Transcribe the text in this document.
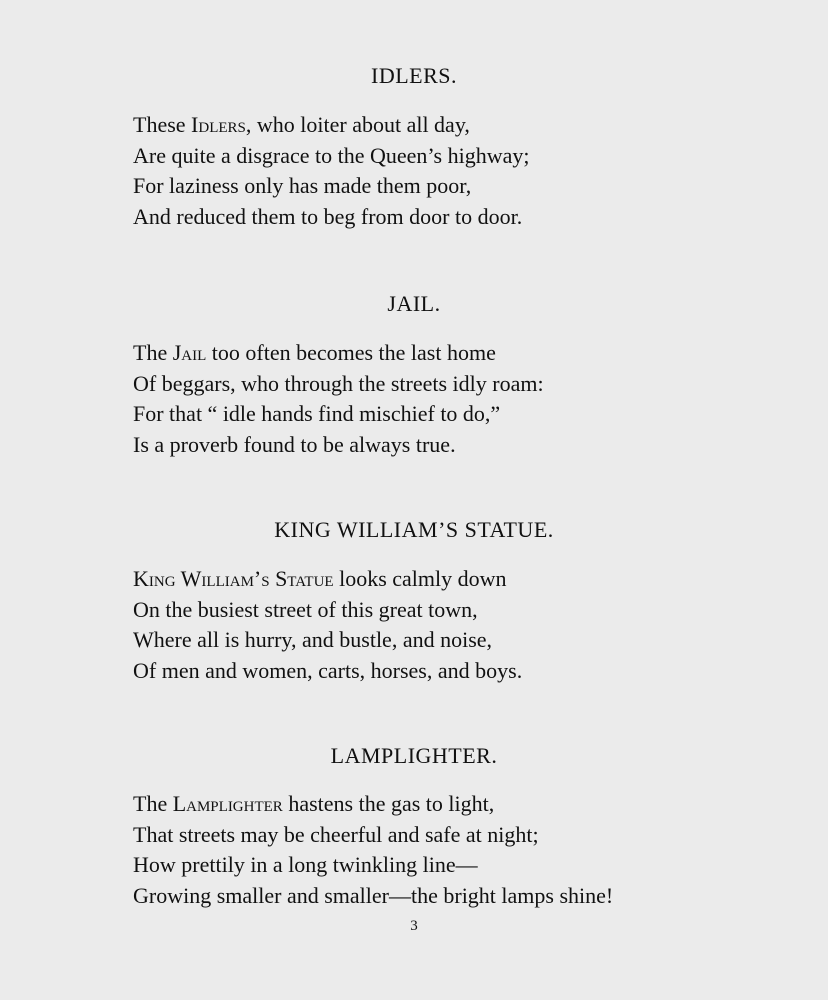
IDLERS.
These Idlers, who loiter about all day,
Are quite a disgrace to the Queen’s highway;
For laziness only has made them poor,
And reduced them to beg from door to door.
JAIL.
The Jail too often becomes the last home
Of beggars, who through the streets idly roam:
For that “ idle hands find mischief to do,”
Is a proverb found to be always true.
KING WILLIAM’S STATUE.
King William’s Statue looks calmly down
On the busiest street of this great town,
Where all is hurry, and bustle, and noise,
Of men and women, carts, horses, and boys.
LAMPLIGHTER.
The Lamplighter hastens the gas to light,
That streets may be cheerful and safe at night;
How prettily in a long twinkling line—
Growing smaller and smaller—the bright lamps shine!
3
